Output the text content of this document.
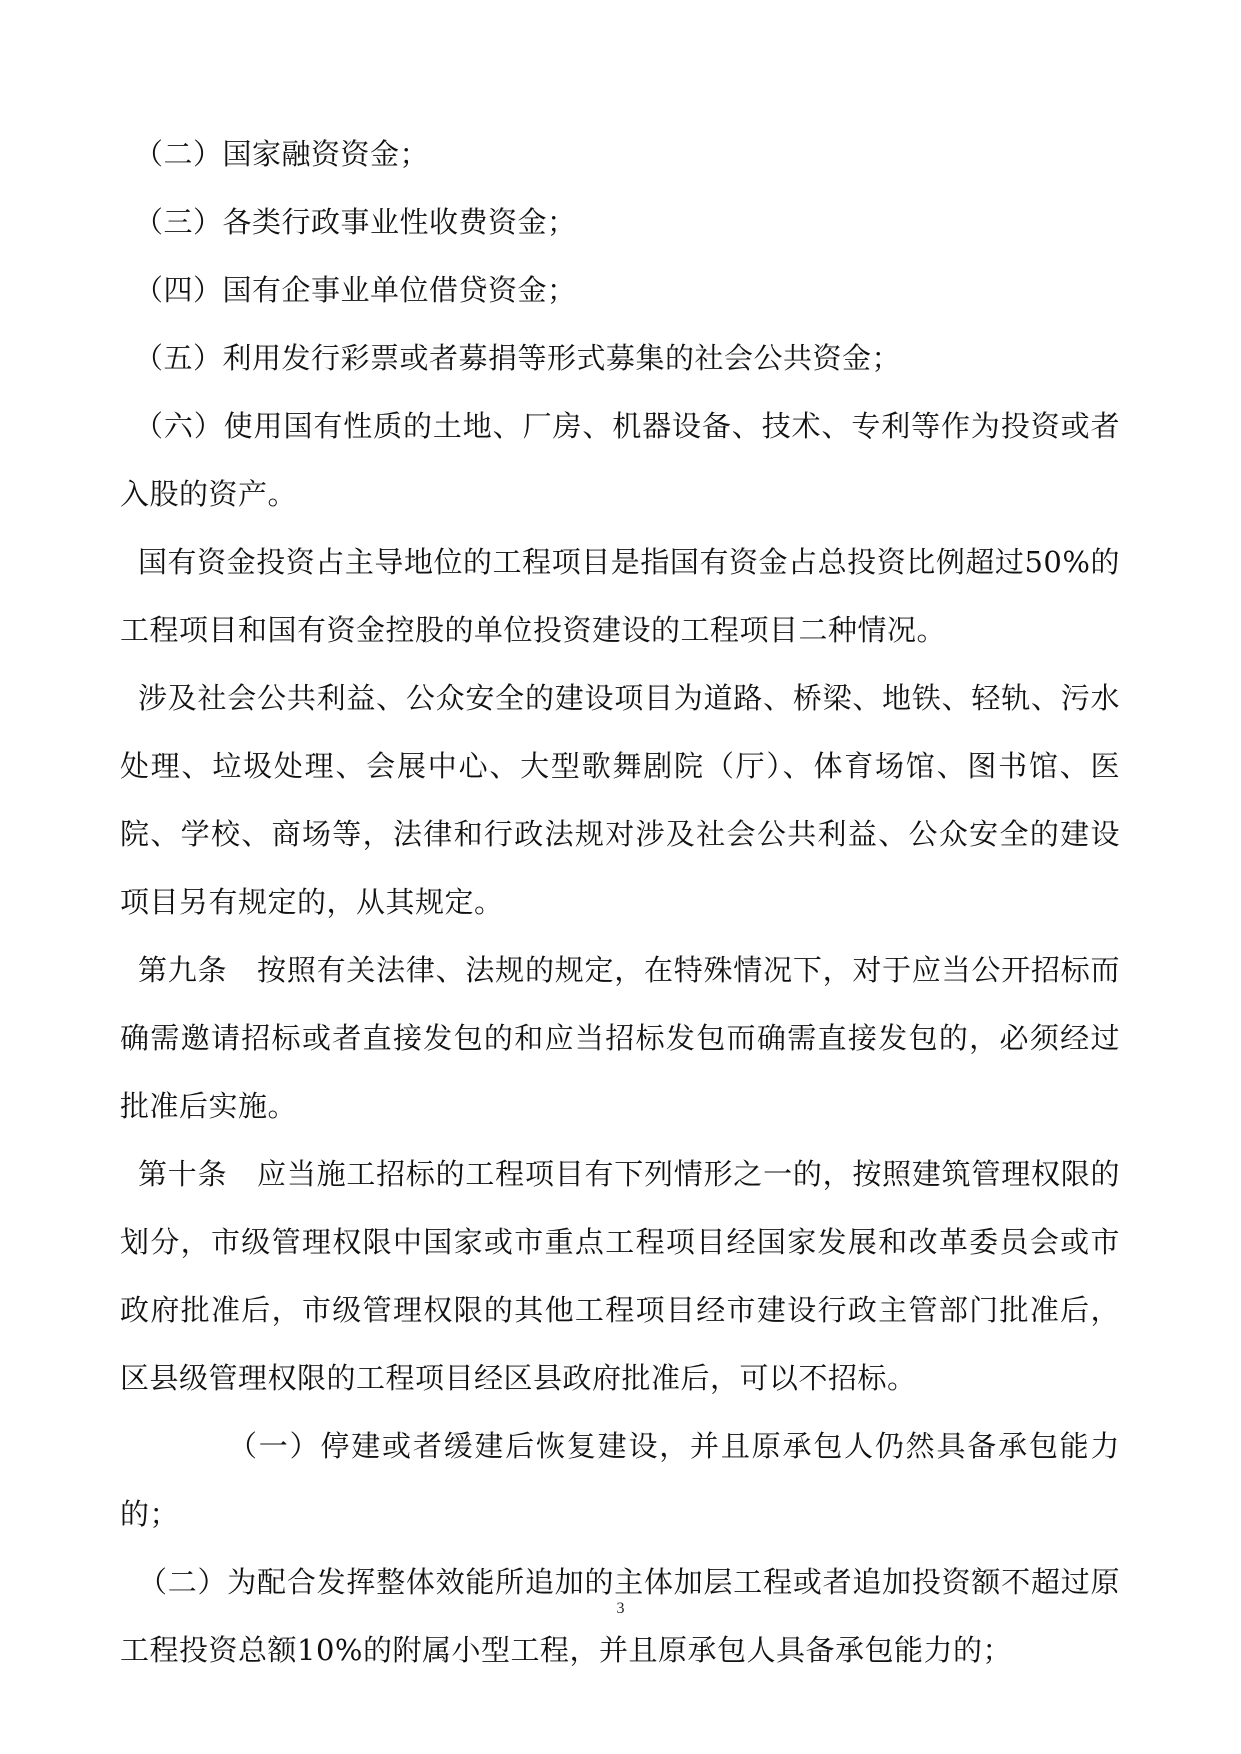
（二）国家融资资金；

（三）各类行政事业性收费资金；

（四）国有企事业单位借贷资金；

（五）利用发行彩票或者募捐等形式募集的社会公共资金；

（六）使用国有性质的土地、厂房、机器设备、技术、专利等作为投资或者入股的资产。

国有资金投资占主导地位的工程项目是指国有资金占总投资比例超过50%的工程项目和国有资金控股的单位投资建设的工程项目二种情况。

涉及社会公共利益、公众安全的建设项目为道路、桥梁、地铁、轻轨、污水处理、垃圾处理、会展中心、大型歌舞剧院（厅）、体育场馆、图书馆、医院、学校、商场等，法律和行政法规对涉及社会公共利益、公众安全的建设项目另有规定的，从其规定。

第九条　按照有关法律、法规的规定，在特殊情况下，对于应当公开招标而确需邀请招标或者直接发包的和应当招标发包而确需直接发包的，必须经过批准后实施。

第十条　应当施工招标的工程项目有下列情形之一的，按照建筑管理权限的划分，市级管理权限中国家或市重点工程项目经国家发展和改革委员会或市政府批准后，市级管理权限的其他工程项目经市建设行政主管部门批准后，区县级管理权限的工程项目经区县政府批准后，可以不招标。

（一）停建或者缓建后恢复建设，并且原承包人仍然具备承包能力的；

（二）为配合发挥整体效能所追加的主体加层工程或者追加投资额不超过原工程投资总额10%的附属小型工程，并且原承包人具备承包能力的；

3
